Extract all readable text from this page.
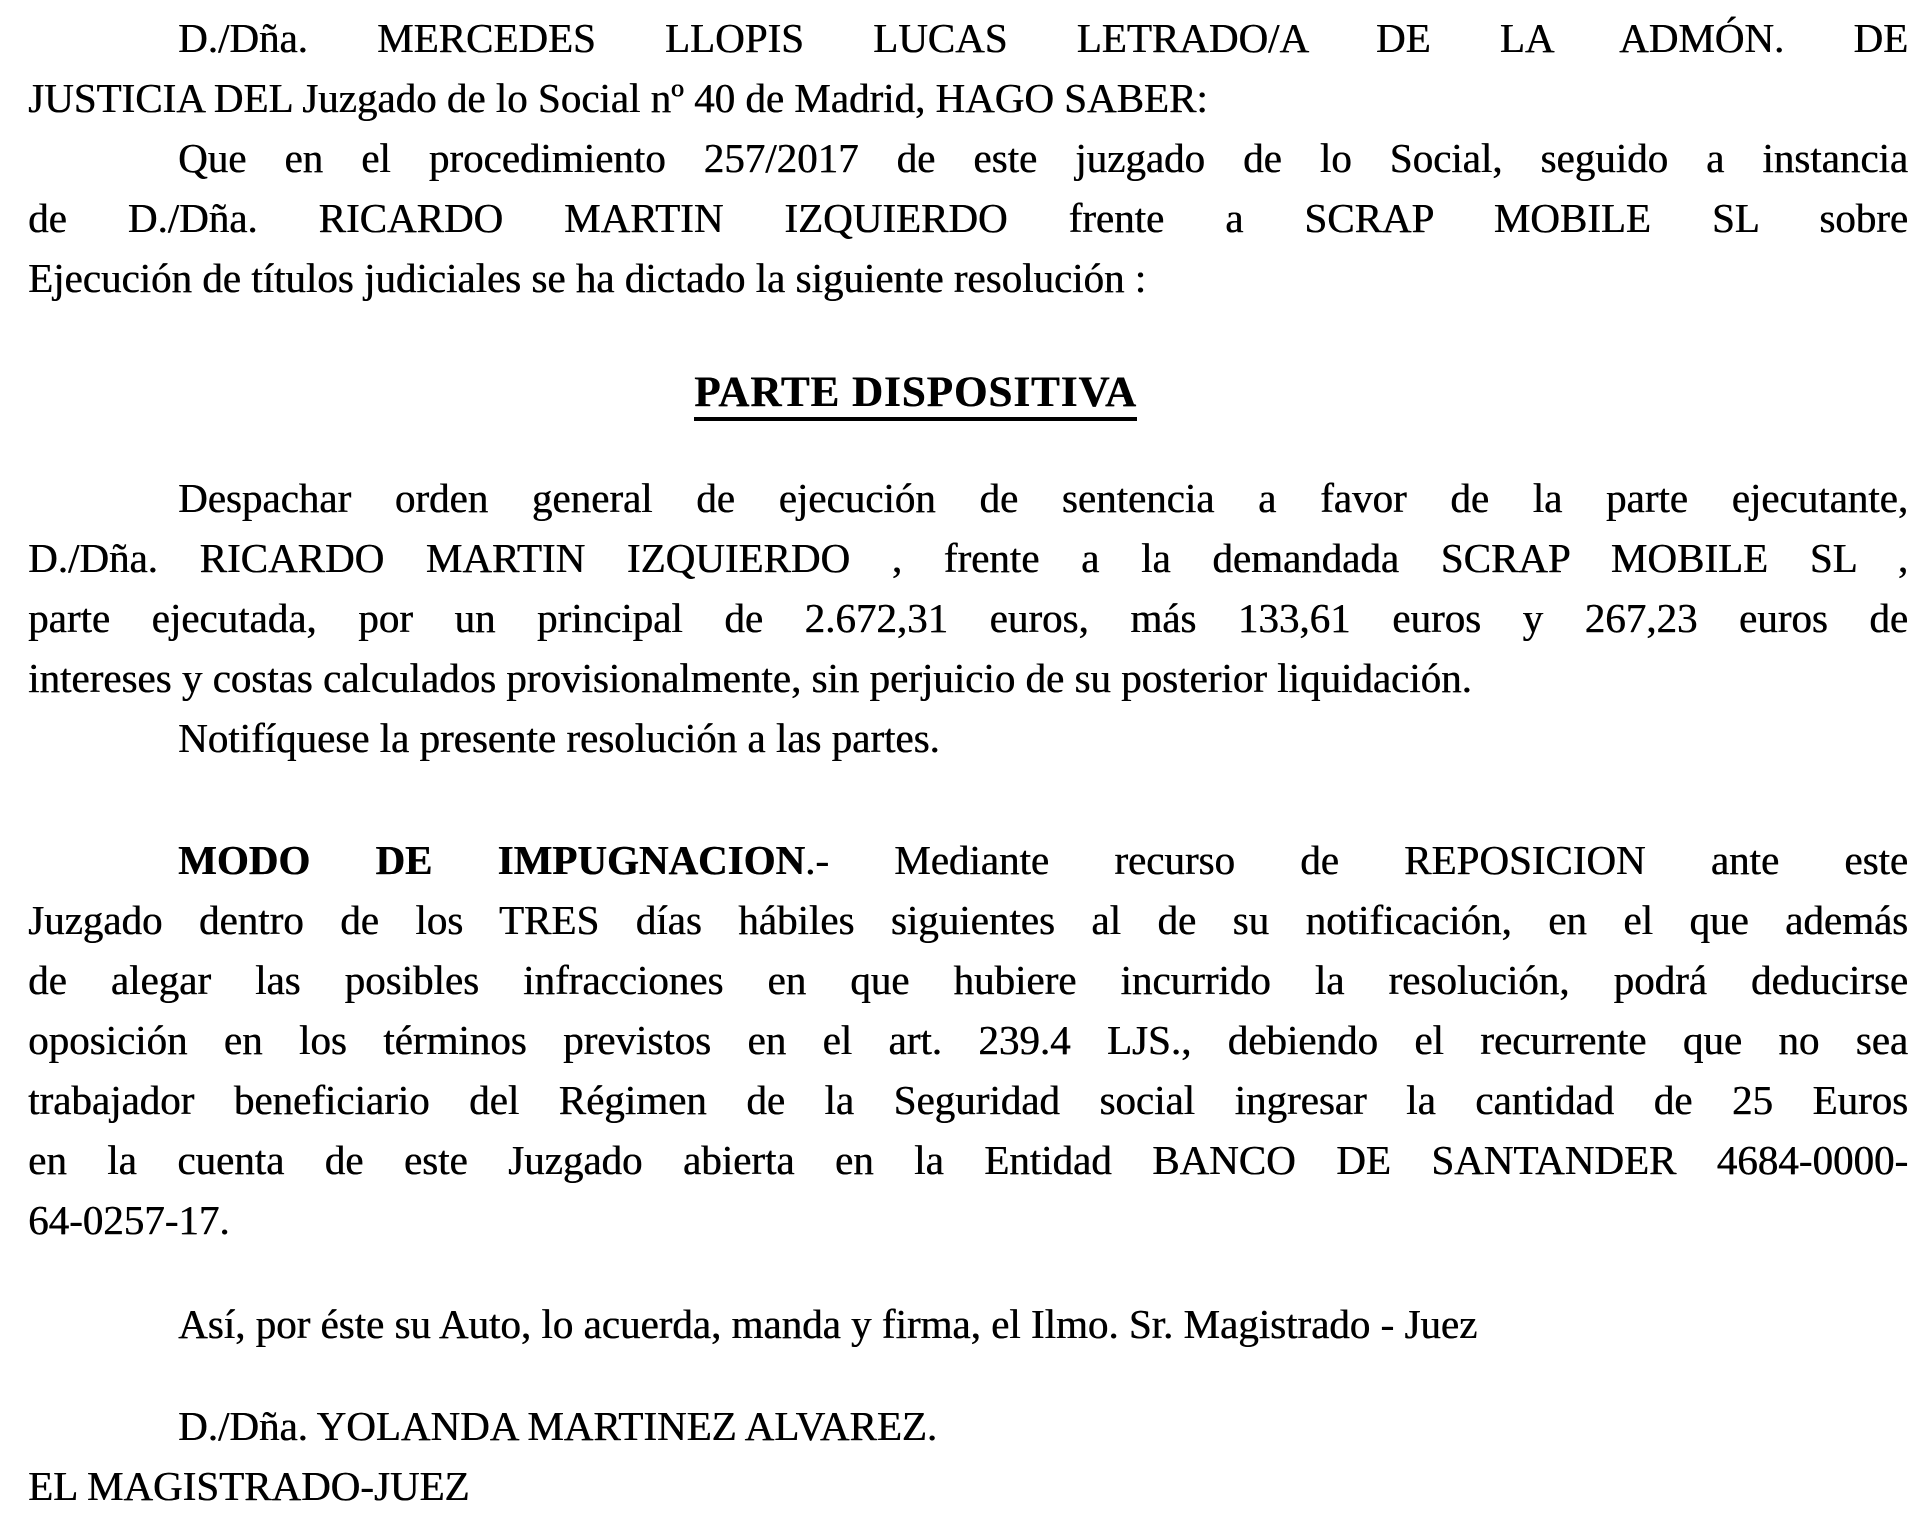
D./Dña. MERCEDES LLOPIS LUCAS LETRADO/A DE LA ADMÓN. DE
JUSTICIA DEL Juzgado de lo Social nº 40 de Madrid, HAGO SABER:
Que en el procedimiento 257/2017 de este juzgado de lo Social, seguido a instancia
de D./Dña. RICARDO MARTIN IZQUIERDO frente a SCRAP MOBILE SL sobre
Ejecución de títulos judiciales se ha dictado la siguiente resolución :
PARTE DISPOSITIVA
Despachar orden general de ejecución de sentencia a favor de la parte ejecutante,
D./Dña. RICARDO MARTIN IZQUIERDO , frente a la demandada SCRAP MOBILE SL ,
parte ejecutada, por un principal de 2.672,31 euros, más 133,61 euros y 267,23 euros de
intereses y costas calculados provisionalmente, sin perjuicio de su posterior liquidación.
Notifíquese la presente resolución a las partes.
MODO DE IMPUGNACION.- Mediante recurso de REPOSICION ante este
Juzgado dentro de los TRES días hábiles siguientes al de su notificación, en el que además
de alegar las posibles infracciones en que hubiere incurrido la resolución, podrá deducirse
oposición en los términos previstos en el art. 239.4 LJS., debiendo el recurrente que no sea
trabajador beneficiario del Régimen de la Seguridad social ingresar la cantidad de 25 Euros
en la cuenta de este Juzgado abierta en la Entidad BANCO DE SANTANDER 4684-0000-
64-0257-17.
Así, por éste su Auto, lo acuerda, manda y firma, el Ilmo. Sr. Magistrado - Juez
D./Dña. YOLANDA MARTINEZ ALVAREZ.
EL MAGISTRADO-JUEZ
